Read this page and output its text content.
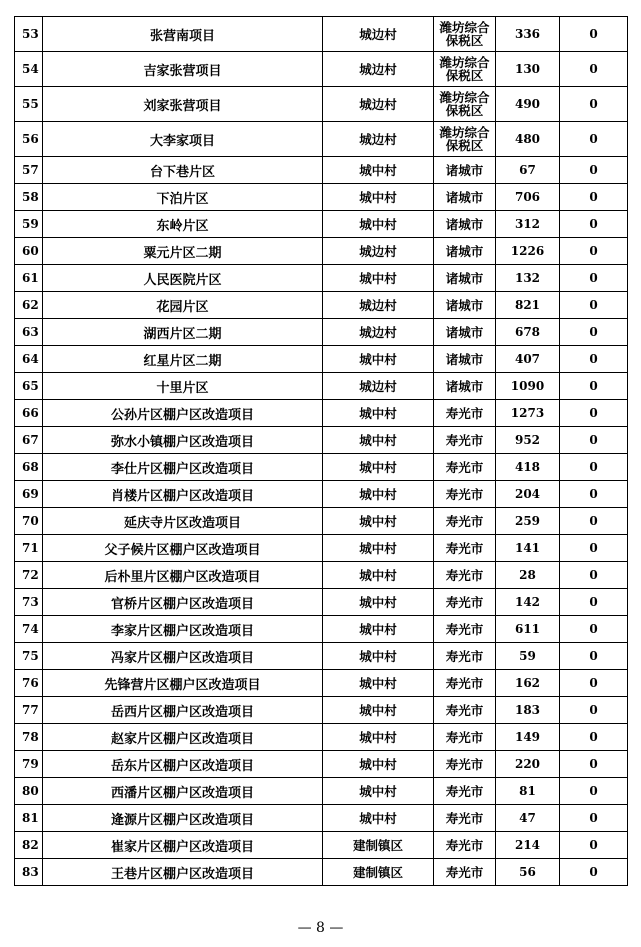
53	张营南项目	城边村	潍坊综合保税区	336	0
54	吉家张营项目	城边村	潍坊综合保税区	130	0
55	刘家张营项目	城边村	潍坊综合保税区	490	0
56	大李家项目	城边村	潍坊综合保税区	480	0
57	台下巷片区	城中村	诸城市	67	0
58	下泊片区	城中村	诸城市	706	0
59	东岭片区	城中村	诸城市	312	0
60	粟元片区二期	城边村	诸城市	1226	0
61	人民医院片区	城中村	诸城市	132	0
62	花园片区	城边村	诸城市	821	0
63	湖西片区二期	城边村	诸城市	678	0
64	红星片区二期	城中村	诸城市	407	0
65	十里片区	城边村	诸城市	1090	0
66	公孙片区棚户区改造项目	城中村	寿光市	1273	0
67	弥水小镇棚户区改造项目	城中村	寿光市	952	0
68	李仕片区棚户区改造项目	城中村	寿光市	418	0
69	肖楼片区棚户区改造项目	城中村	寿光市	204	0
70	延庆寺片区改造项目	城中村	寿光市	259	0
71	父子候片区棚户区改造项目	城中村	寿光市	141	0
72	后朴里片区棚户区改造项目	城中村	寿光市	28	0
73	官桥片区棚户区改造项目	城中村	寿光市	142	0
74	李家片区棚户区改造项目	城中村	寿光市	611	0
75	冯家片区棚户区改造项目	城中村	寿光市	59	0
76	先锋营片区棚户区改造项目	城中村	寿光市	162	0
77	岳西片区棚户区改造项目	城中村	寿光市	183	0
78	赵家片区棚户区改造项目	城中村	寿光市	149	0
79	岳东片区棚户区改造项目	城中村	寿光市	220	0
80	西潘片区棚户区改造项目	城中村	寿光市	81	0
81	逄源片区棚户区改造项目	城中村	寿光市	47	0
82	崔家片区棚户区改造项目	建制镇区	寿光市	214	0
83	王巷片区棚户区改造项目	建制镇区	寿光市	56	0
— 8 —
